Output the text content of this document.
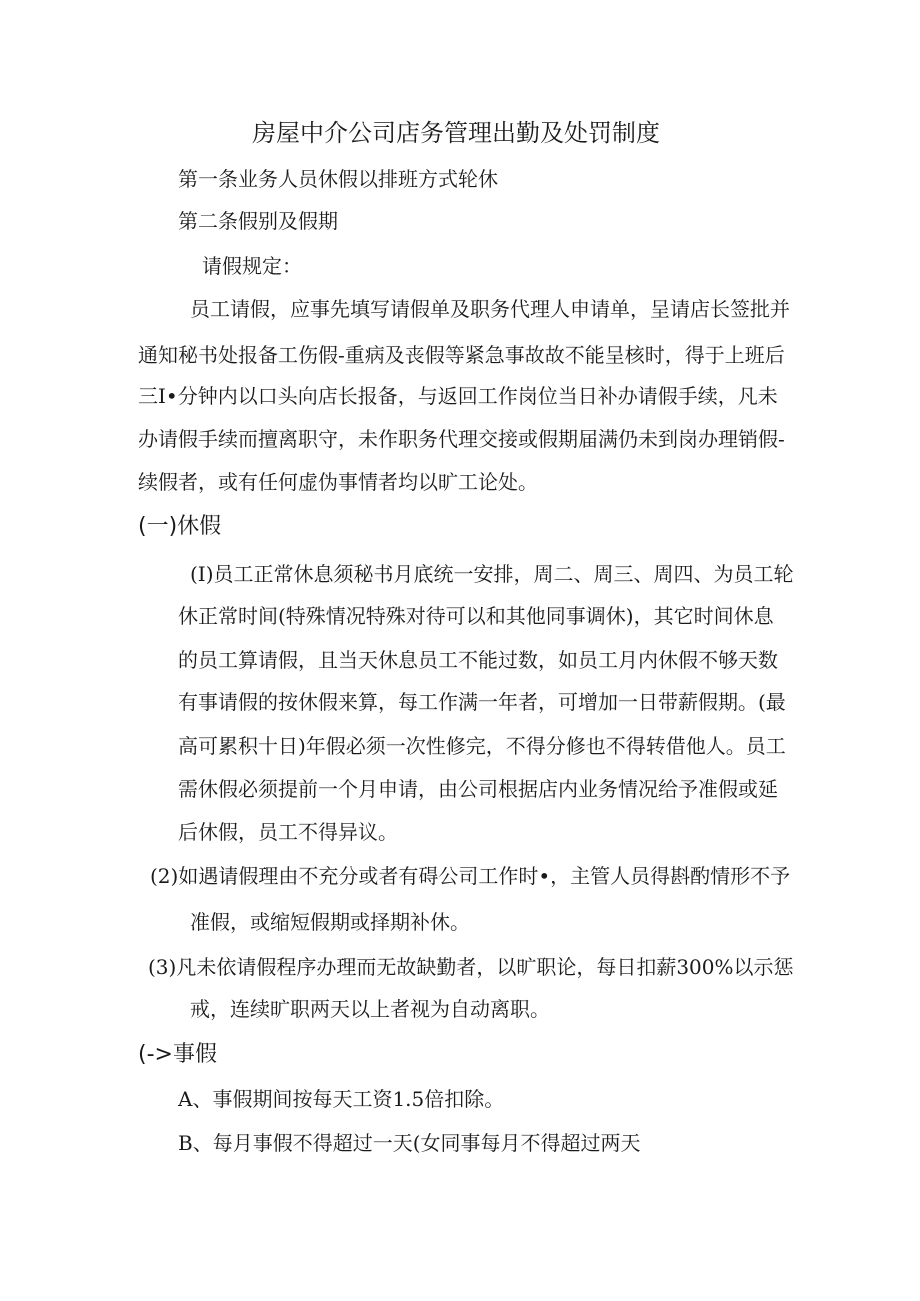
房屋中介公司店务管理出勤及处罚制度
第一条业务人员休假以排班方式轮休
第二条假别及假期
请假规定：
员工请假，应事先填写请假单及职务代理人申请单，呈请店长签批并
通知秘书处报备工伤假-重病及丧假等紧急事故故不能呈核时，得于上班后
三I•分钟内以口头向店长报备，与返回工作岗位当日补办请假手续，凡未
办请假手续而擅离职守，未作职务代理交接或假期届满仍未到岗办理销假-
续假者，或有任何虚伪事情者均以旷工论处。
(一)休假
(I)员工正常休息须秘书月底统一安排，周二、周三、周四、为员工轮
休正常时间(特殊情况特殊对待可以和其他同事调休)，其它时间休息
的员工算请假，且当天休息员工不能过数，如员工月内休假不够天数
有事请假的按休假来算，每工作满一年者，可增加一日带薪假期。(最
高可累积十日)年假必须一次性修完，不得分修也不得转借他人。员工
需休假必须提前一个月申请，由公司根据店内业务情况给予准假或延
后休假，员工不得异议。
(2)如遇请假理由不充分或者有碍公司工作时•，主管人员得斟酌情形不予
准假，或缩短假期或择期补休。
(3)凡未依请假程序办理而无故缺勤者，以旷职论，每日扣薪300%以示惩
戒，连续旷职两天以上者视为自动离职。
(->事假
A、事假期间按每天工资1.5倍扣除。
B、每月事假不得超过一天(女同事每月不得超过两天
